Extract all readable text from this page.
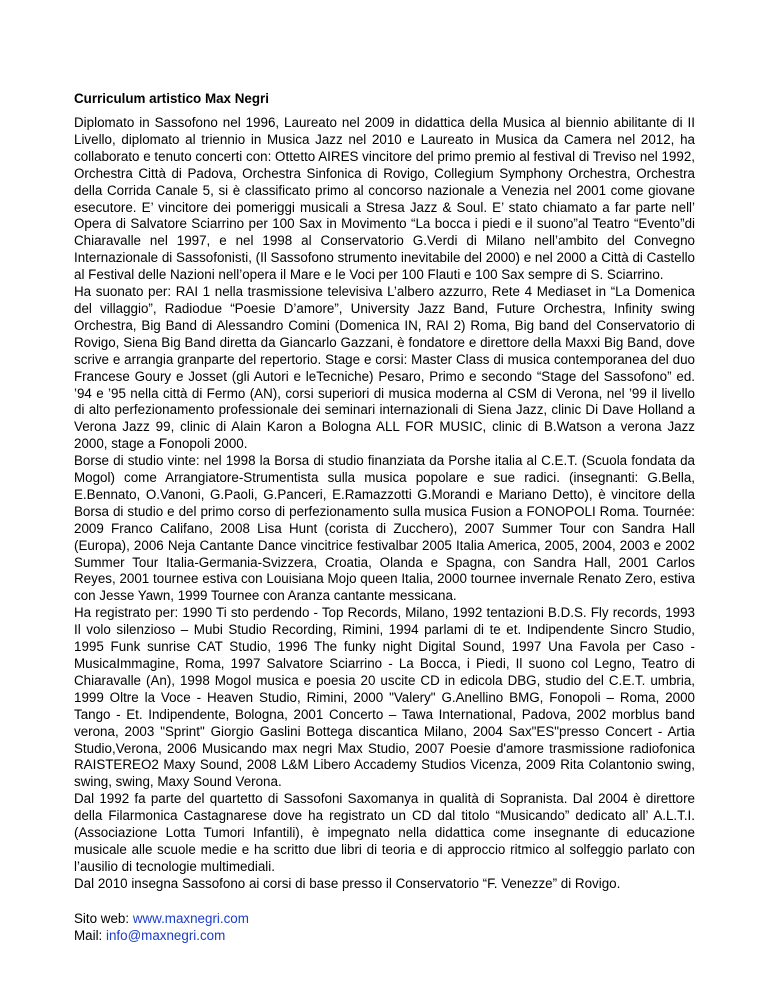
Curriculum artistico Max Negri

Diplomato in Sassofono nel 1996, Laureato nel 2009 in didattica della Musica al biennio abilitante di II Livello, diplomato al triennio in Musica Jazz nel 2010 e Laureato in Musica da Camera nel 2012, ha collaborato e tenuto concerti con: Ottetto AIRES vincitore del primo premio al festival di Treviso nel 1992, Orchestra Città di Padova, Orchestra Sinfonica di Rovigo, Collegium Symphony Orchestra, Orchestra della Corrida Canale 5, si è classificato primo al concorso nazionale a Venezia nel 2001 come giovane esecutore. E’ vincitore dei pomeriggi musicali a Stresa Jazz & Soul. E’ stato chiamato a far parte nell’ Opera di Salvatore Sciarrino per 100 Sax in Movimento “La bocca i piedi e il suono”al Teatro “Evento”di Chiaravalle nel 1997, e nel 1998 al Conservatorio G.Verdi di Milano nell’ambito del Convegno Internazionale di Sassofonisti, (Il Sassofono strumento inevitabile del 2000) e nel 2000 a Città di Castello al Festival delle Nazioni nell’opera il Mare e le Voci per 100 Flauti e 100 Sax sempre di S. Sciarrino.

Ha suonato per: RAI 1 nella trasmissione televisiva L’albero azzurro, Rete 4 Mediaset in “La Domenica del villaggio”, Radiodue “Poesie D’amore”, University Jazz Band, Future Orchestra, Infinity swing Orchestra, Big Band di Alessandro Comini (Domenica IN, RAI 2) Roma, Big band del Conservatorio di Rovigo, Siena Big Band diretta da Giancarlo Gazzani, è fondatore e direttore della Maxxi Big Band, dove scrive e arrangia granparte del repertorio. Stage e corsi: Master Class di musica contemporanea del duo Francese Goury e Josset (gli Autori e leTecniche) Pesaro, Primo e secondo “Stage del Sassofono” ed. ’94 e ’95 nella città di Fermo (AN), corsi superiori di musica moderna al CSM di Verona, nel ’99 il livello di alto perfezionamento professionale dei seminari internazionali di Siena Jazz, clinic Di Dave Holland a Verona Jazz 99, clinic di Alain Karon a Bologna ALL FOR MUSIC, clinic di B.Watson a verona Jazz 2000, stage a Fonopoli 2000.

Borse di studio vinte: nel 1998 la Borsa di studio finanziata da Porshe italia al C.E.T. (Scuola fondata da Mogol) come Arrangiatore-Strumentista sulla musica popolare e sue radici. (insegnanti: G.Bella, E.Bennato, O.Vanoni, G.Paoli, G.Panceri, E.Ramazzotti G.Morandi e Mariano Detto), è vincitore della Borsa di studio e del primo corso di perfezionamento sulla musica Fusion a FONOPOLI Roma. Tournée: 2009 Franco Califano, 2008 Lisa Hunt (corista di Zucchero), 2007 Summer Tour con Sandra Hall (Europa), 2006 Neja Cantante Dance vincitrice festivalbar 2005 Italia America, 2005, 2004, 2003 e 2002 Summer Tour Italia-Germania-Svizzera, Croatia, Olanda e Spagna, con Sandra Hall, 2001 Carlos Reyes, 2001 tournee estiva con Louisiana Mojo queen Italia, 2000 tournee invernale Renato Zero, estiva con Jesse Yawn, 1999 Tournee con Aranza cantante messicana.

Ha registrato per: 1990 Ti sto perdendo - Top Records, Milano, 1992 tentazioni B.D.S. Fly records, 1993 Il volo silenzioso – Mubi Studio Recording, Rimini, 1994 parlami di te et. Indipendente Sincro Studio, 1995 Funk sunrise CAT Studio, 1996 The funky night Digital Sound, 1997 Una Favola per Caso - MusicaImmagine, Roma, 1997 Salvatore Sciarrino - La Bocca, i Piedi, Il suono col Legno, Teatro di Chiaravalle (An), 1998 Mogol musica e poesia 20 uscite CD in edicola DBG, studio del C.E.T. umbria, 1999 Oltre la Voce - Heaven Studio, Rimini, 2000 "Valery" G.Anellino BMG, Fonopoli – Roma, 2000 Tango - Et. Indipendente, Bologna, 2001 Concerto – Tawa International, Padova, 2002 morblus band verona, 2003 "Sprint" Giorgio Gaslini Bottega discantica Milano, 2004 Sax"ES"presso Concert - Artia Studio,Verona, 2006 Musicando max negri Max Studio, 2007 Poesie d'amore trasmissione radiofonica RAISTEREO2 Maxy Sound, 2008 L&M Libero Accademy Studios Vicenza, 2009 Rita Colantonio swing, swing, swing, Maxy Sound Verona.

Dal 1992 fa parte del quartetto di Sassofoni Saxomanya in qualità di Sopranista. Dal 2004 è direttore della Filarmonica Castagnarese dove ha registrato un CD dal titolo “Musicando” dedicato all’ A.L.T.I. (Associazione Lotta Tumori Infantili), è impegnato nella didattica come insegnante di educazione musicale alle scuole medie e ha scritto due libri di teoria e di approccio ritmico al solfeggio parlato con l’ausilio di tecnologie multimediali.

Dal 2010 insegna Sassofono ai corsi di base presso il Conservatorio “F. Venezze” di Rovigo.

Sito web: www.maxnegri.com
Mail: info@maxnegri.com
